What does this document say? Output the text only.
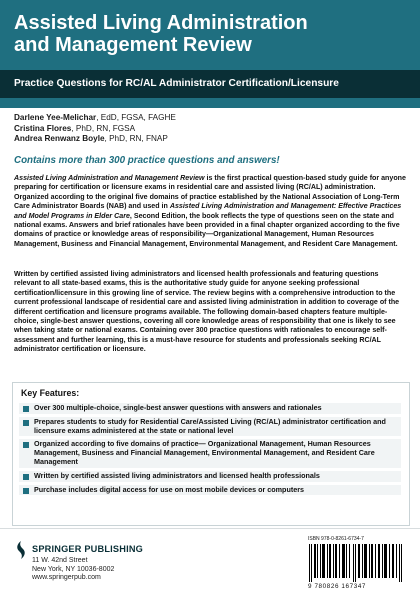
Assisted Living Administration
and Management Review
Practice Questions for RC/AL Administrator Certification/Licensure
Darlene Yee-Melichar, EdD, FGSA, FAGHE
Cristina Flores, PhD, RN, FGSA
Andrea Renwanz Boyle, PhD, RN, FNAP
Contains more than 300 practice questions and answers!
Assisted Living Administration and Management Review is the first practical question-based study guide for anyone preparing for certification or licensure exams in residential care and assisted living (RC/AL) administration. Organized according to the original five domains of practice established by the National Association of Long-Term Care Administrator Boards (NAB) and used in Assisted Living Administration and Management: Effective Practices and Model Programs in Elder Care, Second Edition, the book reflects the type of questions seen on the state and national exams. Answers and brief rationales have been provided in a final chapter organized according to the five domains of practice or knowledge areas of responsibility—Organizational Management, Human Resources Management, Business and Financial Management, Environmental Management, and Resident Care Management.
Written by certified assisted living administrators and licensed health professionals and featuring questions relevant to all state-based exams, this is the authoritative study guide for anyone seeking professional certification/licensure in this growing line of service. The review begins with a comprehensive introduction to the current professional landscape of residential care and assisted living administration in addition to coverage of the different certification and licensure programs available. The following domain-based chapters feature multiple-choice, single-best answer questions, covering all core knowledge areas of responsibility that one is likely to see when taking state or national exams. Containing over 300 practice questions with rationales to encourage self-assessment and further learning, this is a must-have resource for students and professionals seeking RC/AL administrator certification or licensure.
Key Features:
Over 300 multiple-choice, single-best answer questions with answers and rationales
Prepares students to study for Residential Care/Assisted Living (RC/AL) administrator certification and licensure exams administered at the state or national level
Organized according to five domains of practice— Organizational Management, Human Resources Management, Business and Financial Management, Environmental Management, and Resident Care Management
Written by certified assisted living administrators and licensed health professionals
Purchase includes digital access for use on most mobile devices or computers
SPRINGER PUBLISHING
11 W. 42nd Street
New York, NY 10036-8002
www.springerpub.com
ISBN 978-0-8261-6734-7
9 780826 167347
